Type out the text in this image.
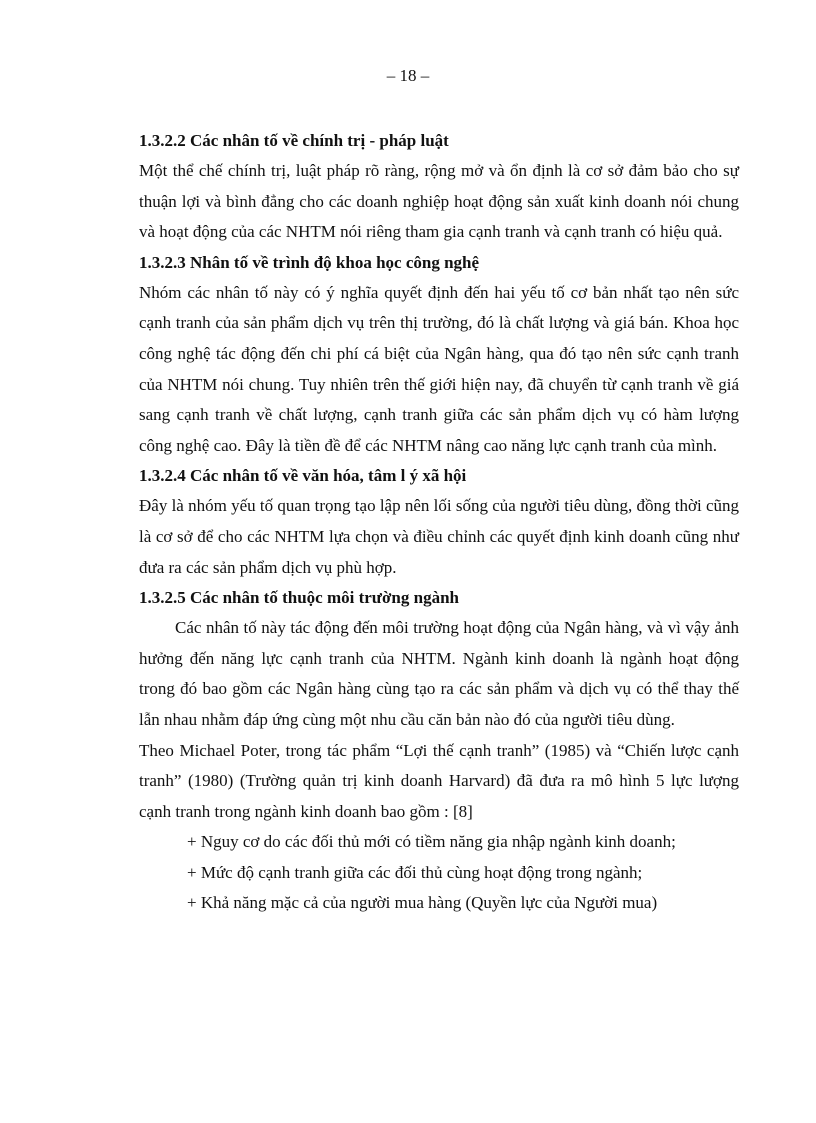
– 18 –

1.3.2.2 Các nhân tố về chính trị - pháp luật

Một thể chế chính trị, luật pháp rõ ràng, rộng mở và ổn định là cơ sở đảm bảo cho sự thuận lợi và bình đẳng cho các doanh nghiệp hoạt động sản xuất kinh doanh nói chung và hoạt động của các NHTM nói riêng tham gia cạnh tranh và cạnh tranh có hiệu quả.

1.3.2.3 Nhân tố về trình độ khoa học công nghệ

Nhóm các nhân tố này có ý nghĩa quyết định đến hai yếu tố cơ bản nhất tạo nên sức cạnh tranh của sản phẩm dịch vụ trên thị trường, đó là chất lượng và giá bán. Khoa học công nghệ tác động đến chi phí cá biệt của Ngân hàng, qua đó tạo nên sức cạnh tranh của NHTM nói chung. Tuy nhiên trên thế giới hiện nay, đã chuyển từ cạnh tranh về giá sang cạnh tranh về chất lượng, cạnh tranh giữa các sản phẩm dịch vụ có hàm lượng công nghệ cao. Đây là tiền đề để các NHTM nâng cao năng lực cạnh tranh của mình.

1.3.2.4 Các nhân tố về văn hóa, tâm l ý xã hội

Đây là nhóm yếu tố quan trọng tạo lập nên lối sống của người tiêu dùng, đồng thời cũng là cơ sở để cho các NHTM lựa chọn và điều chỉnh các quyết định kinh doanh cũng như đưa ra các sản phẩm dịch vụ phù hợp.

1.3.2.5 Các nhân tố thuộc môi trường ngành

Các nhân tố này tác động đến môi trường hoạt động của Ngân hàng, và vì vậy ảnh hưởng đến năng lực cạnh tranh của NHTM. Ngành kinh doanh là ngành hoạt động trong đó bao gồm các Ngân hàng cùng tạo ra các sản phẩm và dịch vụ có thể thay thế lẫn nhau nhằm đáp ứng cùng một nhu cầu căn bản nào đó của người tiêu dùng.

Theo Michael Poter, trong tác phẩm “Lợi thế cạnh tranh” (1985) và “Chiến lược cạnh tranh” (1980) (Trường quản trị kinh doanh Harvard) đã đưa ra mô hình 5 lực lượng cạnh tranh trong ngành kinh doanh bao gồm : [8]

+ Nguy cơ do các đối thủ mới có tiềm năng gia nhập ngành kinh doanh;

+ Mức độ cạnh tranh giữa các đối thủ cùng hoạt động trong ngành;

+ Khả năng mặc cả của người mua hàng (Quyền lực của Người mua)
